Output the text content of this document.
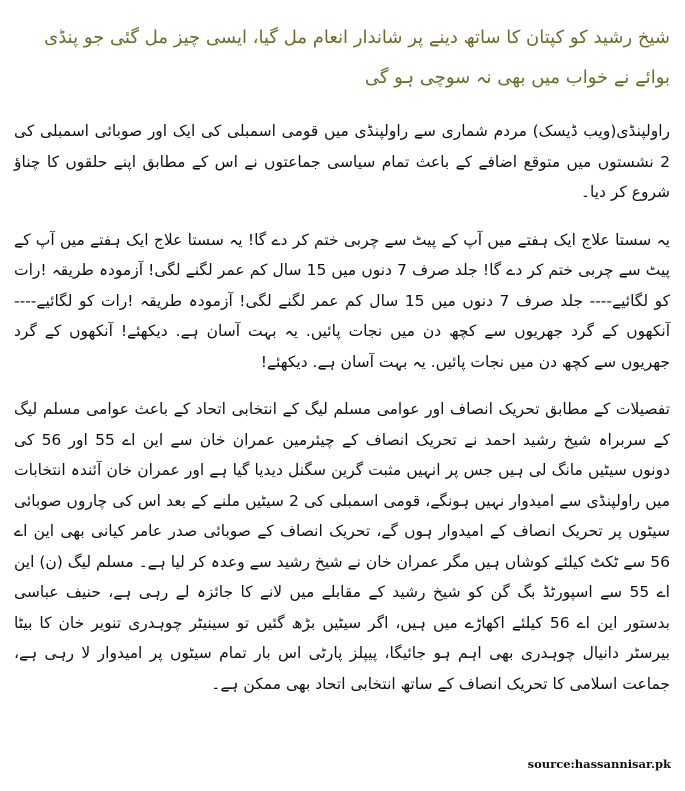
شیخ رشید کو کپتان کا ساتھ دینے پر شاندار انعام مل گیا، ایسی چیز مل گئی جو پنڈی بوائے نے خواب میں بھی نہ سوچی ہو گی

راولپنڈی(ویب ڈیسک) مردم شماری سے راولپنڈی میں قومی اسمبلی کی ایک اور صوبائی اسمبلی کی 2 نشستوں میں متوقع اضافے کے باعث تمام سیاسی جماعتوں نے اس کے مطابق اپنے حلقوں کا چناؤ شروع کر دیا۔

یہ سستا علاج ایک ہفتے میں آپ کے پیٹ سے چربی ختم کر دے گا! یہ سستا علاج ایک ہفتے میں آپ کے پیٹ سے چربی ختم کر دے گا! جلد صرف 7 دنوں میں 15 سال کم عمر لگنے لگی! آزمودہ طریقہ !رات کو لگائیے---- جلد صرف 7 دنوں میں 15 سال کم عمر لگنے لگی! آزمودہ طریقہ !رات کو لگائیے---- آنکھوں کے گرد جھریوں سے کچھ دن میں نجات پائیں. یہ بہت آسان ہے. دیکھئے! آنکھوں کے گرد جھریوں سے کچھ دن میں نجات پائیں. یہ بہت آسان ہے. دیکھئے!

تفصیلات کے مطابق تحریک انصاف اور عوامی مسلم لیگ کے انتخابی اتحاد کے باعث عوامی مسلم لیگ کے سربراہ شیخ رشید احمد نے تحریک انصاف کے چیئرمین عمران خان سے این اے 55 اور 56 کی دونوں سیٹیں مانگ لی ہیں جس پر انہیں مثبت گرین سگنل دیدیا گیا ہے اور عمران خان آئندہ انتخابات میں راولپنڈی سے امیدوار نہیں ہونگے، قومی اسمبلی کی 2 سیٹیں ملنے کے بعد اس کی چاروں صوبائی سیٹوں پر تحریک انصاف کے امیدوار ہوں گے، تحریک انصاف کے صوبائی صدر عامر کیانی بھی این اے 56 سے ٹکٹ کیلئے کوشاں ہیں مگر عمران خان نے شیخ رشید سے وعدہ کر لیا ہے۔ مسلم لیگ (ن) این اے 55 سے اسپورٹڈ بگ گن کو شیخ رشید کے مقابلے میں لانے کا جائزہ لے رہی ہے، حنیف عباسی بدستور این اے 56 کیلئے اکھاڑے میں ہیں، اگر سیٹیں بڑھ گئیں تو سینیٹر چوہدری تنویر خان کا بیٹا بیرسٹر دانیال چوہدری بھی اہم ہو جائیگا، پیپلز پارٹی اس بار تمام سیٹوں پر امیدوار لا رہی ہے، جماعت اسلامی کا تحریک انصاف کے ساتھ انتخابی اتحاد بھی ممکن ہے۔

source:hassannisar.pk
